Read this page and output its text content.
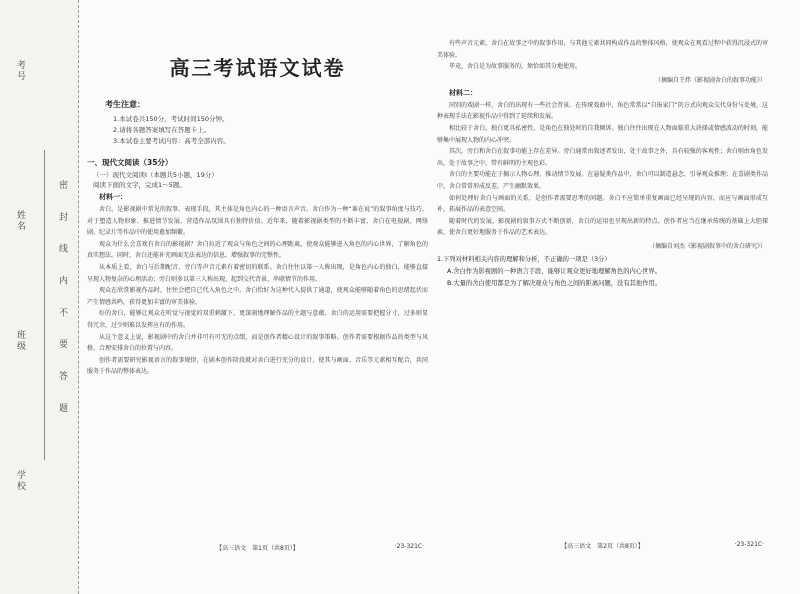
学校
班级
姓名
考号
密 封 线 内 不 要 答 题
高三考试语文试卷
考生注意：
1.本试卷共150分，考试时间150分钟。
2.请将各题答案填写在答题卡上。
3.本试卷主要考试内容：高考全部内容。
一、现代文阅读（35分）
（一）现代文阅读Ⅰ（本题共5小题，19分）
阅读下面的文字，完成1～5题。
材料一：

舍白，是影视剧中常见的叙事、表现手段，其主体是角色内心的一种语言声音。舍白作为一种“谁在说”的叙事角度与技巧，对于塑造人物形象、推进情节发展、营造作品氛围具有独特价值。近年来，随着影视剧类型的不断丰富，舍白在电视剧、网络剧、纪录片等作品中的使用愈加频繁。

观众为什么会喜欢有舍白的影视剧？舍白拉近了观众与角色之间的心理距离，使观众能够进入角色的内心世界，了解角色的真实想法。同时，舍白还能补充画面无法表达的信息，增强叙事的完整性。

从本质上看，舍白与后期配音、旁白等声音元素有着密切的联系。舍白往往以第一人称出现，是角色内心的独白，能够直接呈现人物复杂的心理活动；旁白则多以第三人称出现，起到交代背景、串联情节的作用。

观众在欣赏影视作品时，往往会把自己代入角色之中。舍白恰好为这种代入提供了通道，使观众能够随着角色的思绪起伏而产生情感共鸣，获得更加丰富的审美体验。

好的舍白，能够让观众在听觉与视觉的双重刺激下，更深刻地理解作品的主题与意蕴。舍白的运用需要把握分寸，过多则显得冗余，过少则难以发挥应有的作用。

从这个意义上说，影视剧中的舍白并非可有可无的点缀，而是创作者精心设计的叙事策略。创作者需要根据作品的类型与风格，合理安排舍白的位置与内容。

创作者需要研究影视语言的叙事规律，在剧本创作阶段就对舍白进行充分的设计，使其与画面、音乐等元素相互配合，共同服务于作品的整体表达。

【高三语文　第1页（共8页）】	·23-321C·

有些声音元素，舍白在故事之中的叙事作用，与其他元素共同构成作品的整体风格，使观众在观看过程中获得沉浸式的审美体验。

毕竟，舍白是为故事服务的，须恰如其分地使用。

（摘编自王炜《影视剧舍白的叙事功能》）
材料二：

同别的戏剧一样，舍白的出现有一些社会背景。在传统戏曲中，角色常常以“自报家门”的方式向观众交代身份与处境，这种表现手法在影视作品中得到了延续和发展。

相比较于舍白，独白更具私密性，是角色在独处时的自我倾诉。独白往往出现在人物面临重大抉择或情感波动的时刻，能够集中展现人物的内心冲突。

其次，旁白和舍白在叙事功能上存在差异。旁白通常由叙述者发出，处于故事之外，具有较强的客观性；舍白则由角色发出，处于故事之中，带有鲜明的主观色彩。

舍白的主要功能在于揭示人物心理、推动情节发展。在悬疑类作品中，舍白可以制造悬念、引导观众推理；在喜剧类作品中，舍白常常形成反差，产生幽默效果。

如何处理好舍白与画面的关系，是创作者需要思考的问题。舍白不应简单重复画面已经呈现的内容，而应与画面形成互补，拓展作品的表意空间。

随着时代的发展，影视剧的叙事方式不断创新，舍白的运用也呈现出新的特点。创作者应当在继承传统的基础上大胆探索，使舍白更好地服务于作品的艺术表达。

（摘编自刘杰《影视剧叙事中的舍白研究》）
1.下列对材料相关内容的理解和分析，不正确的一项是（3分）
A.舍白作为影视剧的一种语言手段，能够让观众更好地理解角色的内心世界。
B.大量的舍白使用都是为了解决观众与角色之间的距离问题，没有其他作用。
【高三语文　第2页（共8页）】	·23-321C·
